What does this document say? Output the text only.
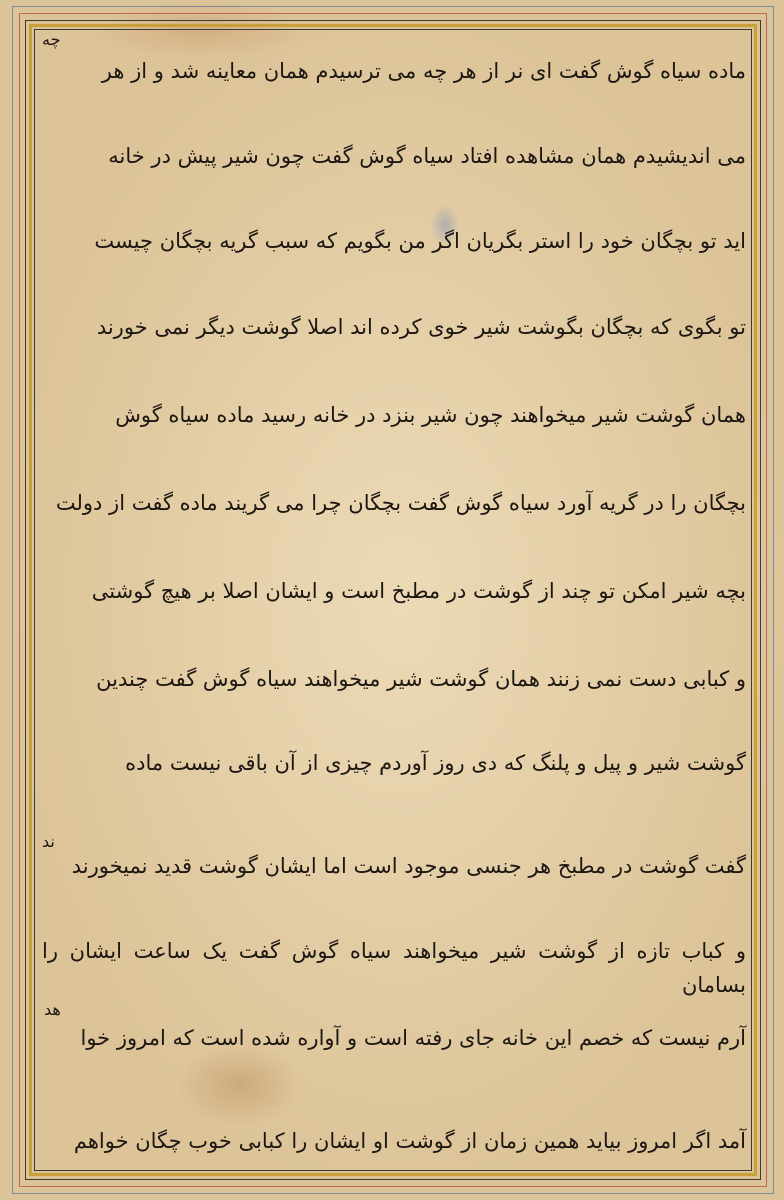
ماده سیاه گوش گفت ای نر از هر چه می ترسیدم همان معاینه شد و از هر
می اندیشیدم همان مشاهده افتاد سیاه گوش گفت چون شیر پیش در خانه
اید تو بچگان خود را استر بگریان اگر من بگویم که سبب گریه بچگان چیست
تو بگوی که بچگان بگوشت شیر خوی کرده اند اصلا گوشت دیگر نمی خورند
همان گوشت شیر میخواهند چون شیر بنزد در خانه رسید ماده سیاه گوش
بچگان را در گریه آورد سیاه گوش گفت بچگان چرا می گریند ماده گفت از دولت
بچه شیر امکن تو چند از گوشت در مطبخ است و ایشان اصلا بر هیچ گوشتی
و کبابی دست نمی زنند همان گوشت شیر میخواهند سیاه گوش گفت چندین
گوشت شیر و پیل و پلنگ که دی روز آوردم چیزی از آن باقی نیست ماده
گفت گوشت در مطبخ هر جنسی موجود است اما ایشان گوشت قدید نمیخورند
و کباب تازه از گوشت شیر میخواهند سیاه گوش گفت یک ساعت ایشان را بسامان
آرم نیست که خصم این خانه جای رفته است و آواره شده است که امروز خوا
آمد اگر امروز بیاید همین زمان از گوشت او ایشان را کبابی خوب چگان خواهم
چه
هد
ند
